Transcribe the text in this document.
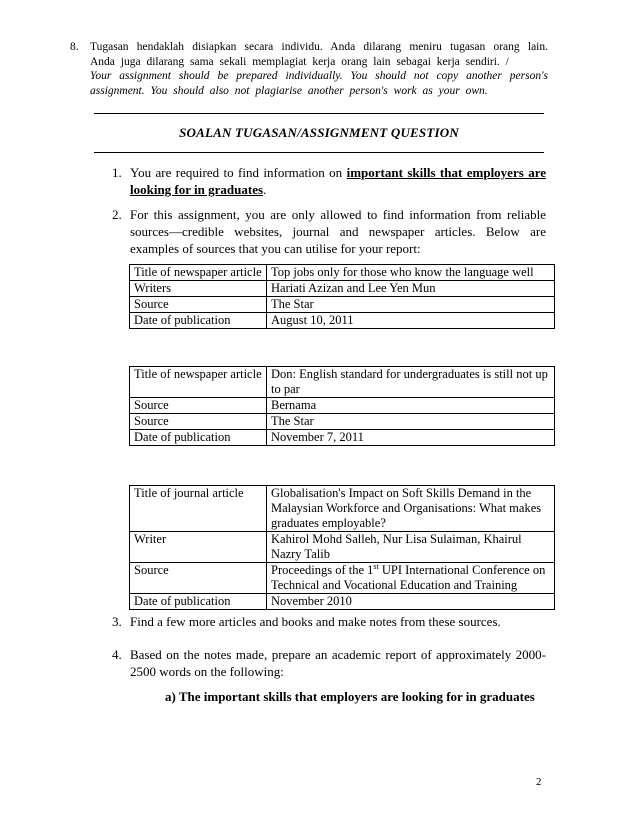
8. Tugasan hendaklah disiapkan secara individu. Anda dilarang meniru tugasan orang lain. Anda juga dilarang sama sekali memplagiat kerja orang lain sebagai kerja sendiri. /

Your assignment should be prepared individually. You should not copy another person's assignment. You should also not plagiarise another person's work as your own.

SOALAN TUGASAN/ASSIGNMENT QUESTION
1. You are required to find information on important skills that employers are looking for in graduates.
2. For this assignment, you are only allowed to find information from reliable sources—credible websites, journal and newspaper articles. Below are examples of sources that you can utilise for your report:
Title of newspaper article	Top jobs only for those who know the language well
Writers	Hariati Azizan and Lee Yen Mun
Source	The Star
Date of publication	August 10, 2011
Title of newspaper article	Don: English standard for undergraduates is still not up to par
Source	Bernama
Source	The Star
Date of publication	November 7, 2011
Title of journal article	Globalisation's Impact on Soft Skills Demand in the Malaysian Workforce and Organisations: What makes graduates employable?
Writer	Kahirol Mohd Salleh, Nur Lisa Sulaiman, Khairul Nazry Talib
Source	Proceedings of the 1st UPI International Conference on Technical and Vocational Education and Training
Date of publication	November 2010
3. Find a few more articles and books and make notes from these sources.
4. Based on the notes made, prepare an academic report of approximately 2000-2500 words on the following:
a) The important skills that employers are looking for in graduates
2
